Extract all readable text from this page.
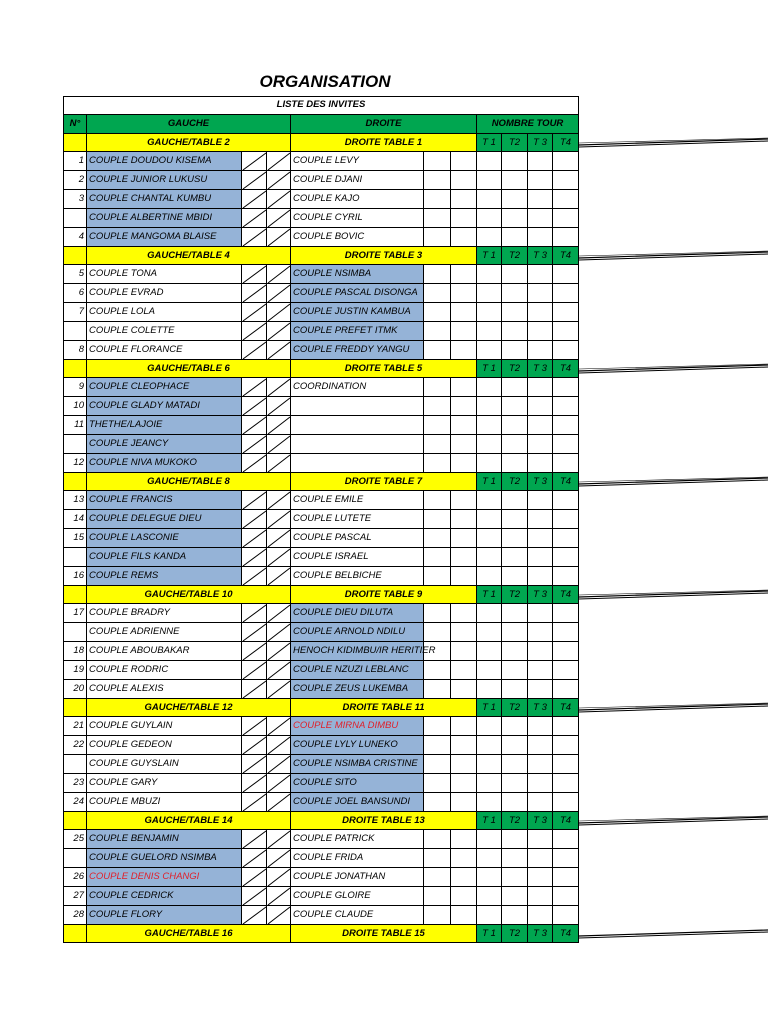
ORGANISATION
LISTE DES INVITES
N°	GAUCHE	DROITE	NOMBRE TOUR
GAUCHE/TABLE 2	DROITE TABLE 1	T 1	T2	T 3	T4
1 COUPLE DOUDOU KISEMA	COUPLE LEVY
2 COUPLE JUNIOR LUKUSU	COUPLE DJANI
3 COUPLE CHANTAL KUMBU	COUPLE KAJO
COUPLE ALBERTINE MBIDI	COUPLE CYRIL
4 COUPLE MANGOMA BLAISE	COUPLE BOVIC
GAUCHE/TABLE 4	DROITE TABLE 3	T 1	T2	T 3	T4
5 COUPLE TONA	COUPLE NSIMBA
6 COUPLE EVRAD	COUPLE PASCAL DISONGA
7 COUPLE LOLA	COUPLE JUSTIN KAMBUA
COUPLE COLETTE	COUPLE PREFET ITMK
8 COUPLE FLORANCE	COUPLE FREDDY YANGU
GAUCHE/TABLE 6	DROITE TABLE 5	T 1	T2	T 3	T4
9 COUPLE CLEOPHACE	COORDINATION
10 COUPLE GLADY MATADI
11 THETHE/LAJOIE
COUPLE JEANCY
12 COUPLE NIVA MUKOKO
GAUCHE/TABLE 8	DROITE TABLE 7	T 1	T2	T 3	T4
13 COUPLE FRANCIS	COUPLE EMILE
14 COUPLE DELEGUE DIEU	COUPLE LUTETE
15 COUPLE LASCONIE	COUPLE PASCAL
COUPLE FILS KANDA	COUPLE ISRAEL
16 COUPLE REMS	COUPLE BELBICHE
GAUCHE/TABLE 10	DROITE TABLE 9	T 1	T2	T 3	T4
17 COUPLE BRADRY	COUPLE DIEU DILUTA
COUPLE ADRIENNE	COUPLE ARNOLD NDILU
18 COUPLE ABOUBAKAR	HENOCH KIDIMBU/IR HERITIER
19 COUPLE RODRIC	COUPLE NZUZI LEBLANC
20 COUPLE ALEXIS	COUPLE ZEUS LUKEMBA
GAUCHE/TABLE 12	DROITE TABLE 11	T 1	T2	T 3	T4
21 COUPLE GUYLAIN	COUPLE MIRNA DIMBU
22 COUPLE GEDEON	COUPLE LYLY LUNEKO
COUPLE GUYSLAIN	COUPLE NSIMBA CRISTINE
23 COUPLE GARY	COUPLE SITO
24 COUPLE MBUZI	COUPLE JOEL BANSUNDI
GAUCHE/TABLE 14	DROITE TABLE 13	T 1	T2	T 3	T4
25 COUPLE BENJAMIN	COUPLE PATRICK
COUPLE GUELORD NSIMBA	COUPLE FRIDA
26 COUPLE DENIS CHANGI	COUPLE JONATHAN
27 COUPLE CEDRICK	COUPLE GLOIRE
28 COUPLE FLORY	COUPLE CLAUDE
GAUCHE/TABLE 16	DROITE TABLE 15	T 1	T2	T 3	T4
